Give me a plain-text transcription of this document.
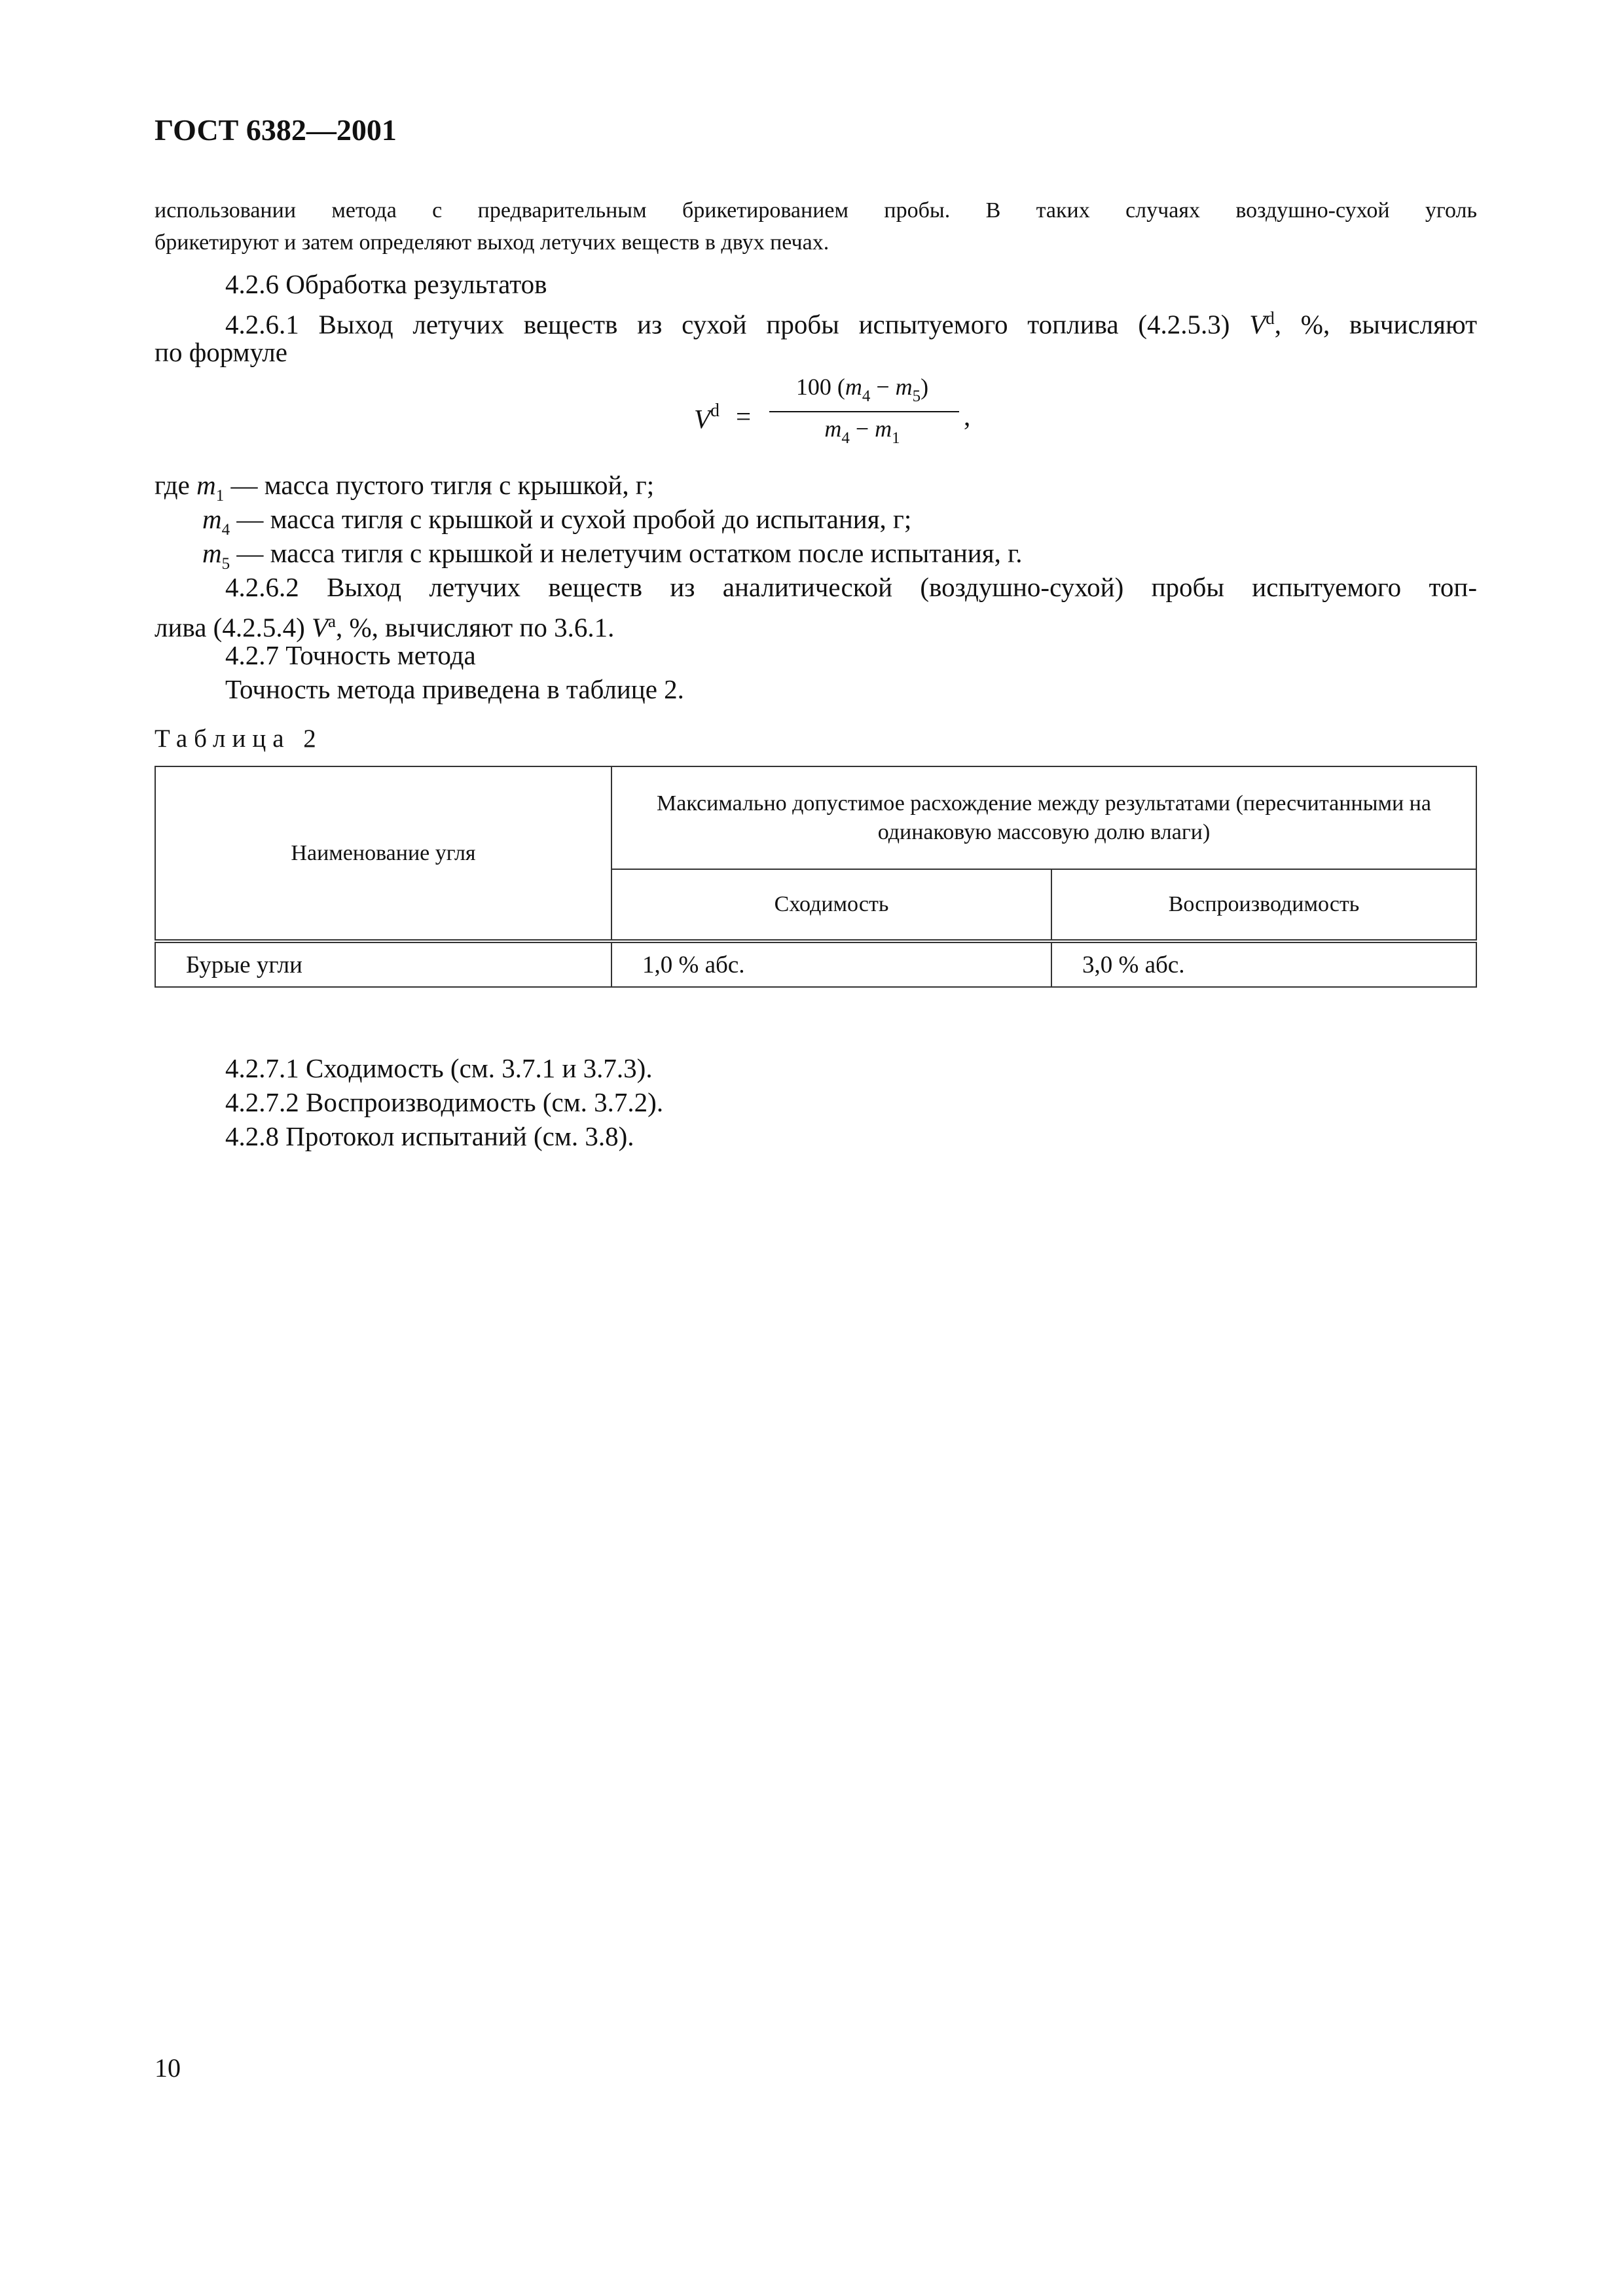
ГОСТ 6382—2001
использовании метода с предварительным брикетированием пробы. В таких случаях воздушно-сухой уголь
брикетируют и затем определяют выход летучих веществ в двух печах.
4.2.6 Обработка результатов
4.2.6.1 Выход летучих веществ из сухой пробы испытуемого топлива (4.2.5.3) $V^d$, %, вычисляют
по формуле
$V^d$ =
100 $(m_4 - m_5)$
$m_4 - m_1$
,
где $m_1$ — масса пустого тигля с крышкой, г;
$m_4$ — масса тигля с крышкой и сухой пробой до испытания, г;
$m_5$ — масса тигля с крышкой и нелетучим остатком после испытания, г.
4.2.6.2 Выход летучих веществ из аналитической (воздушно-сухой) пробы испытуемого топ-
лива (4.2.5.4) $V^a$, %, вычисляют по 3.6.1.
4.2.7 Точность метода
Точность метода приведена в таблице 2.
Таблица 2
Наименование угля	Максимально допустимое расхождение между результатами (пересчитанными на одинаковую массовую долю влаги)	
	Сходимость	Воспроизводимость
Бурые угли	1,0 % абс.	3,0 % абс.
4.2.7.1 Сходимость (см. 3.7.1 и 3.7.3).
4.2.7.2 Воспроизводимость (см. 3.7.2).
4.2.8 Протокол испытаний (см. 3.8).
10
